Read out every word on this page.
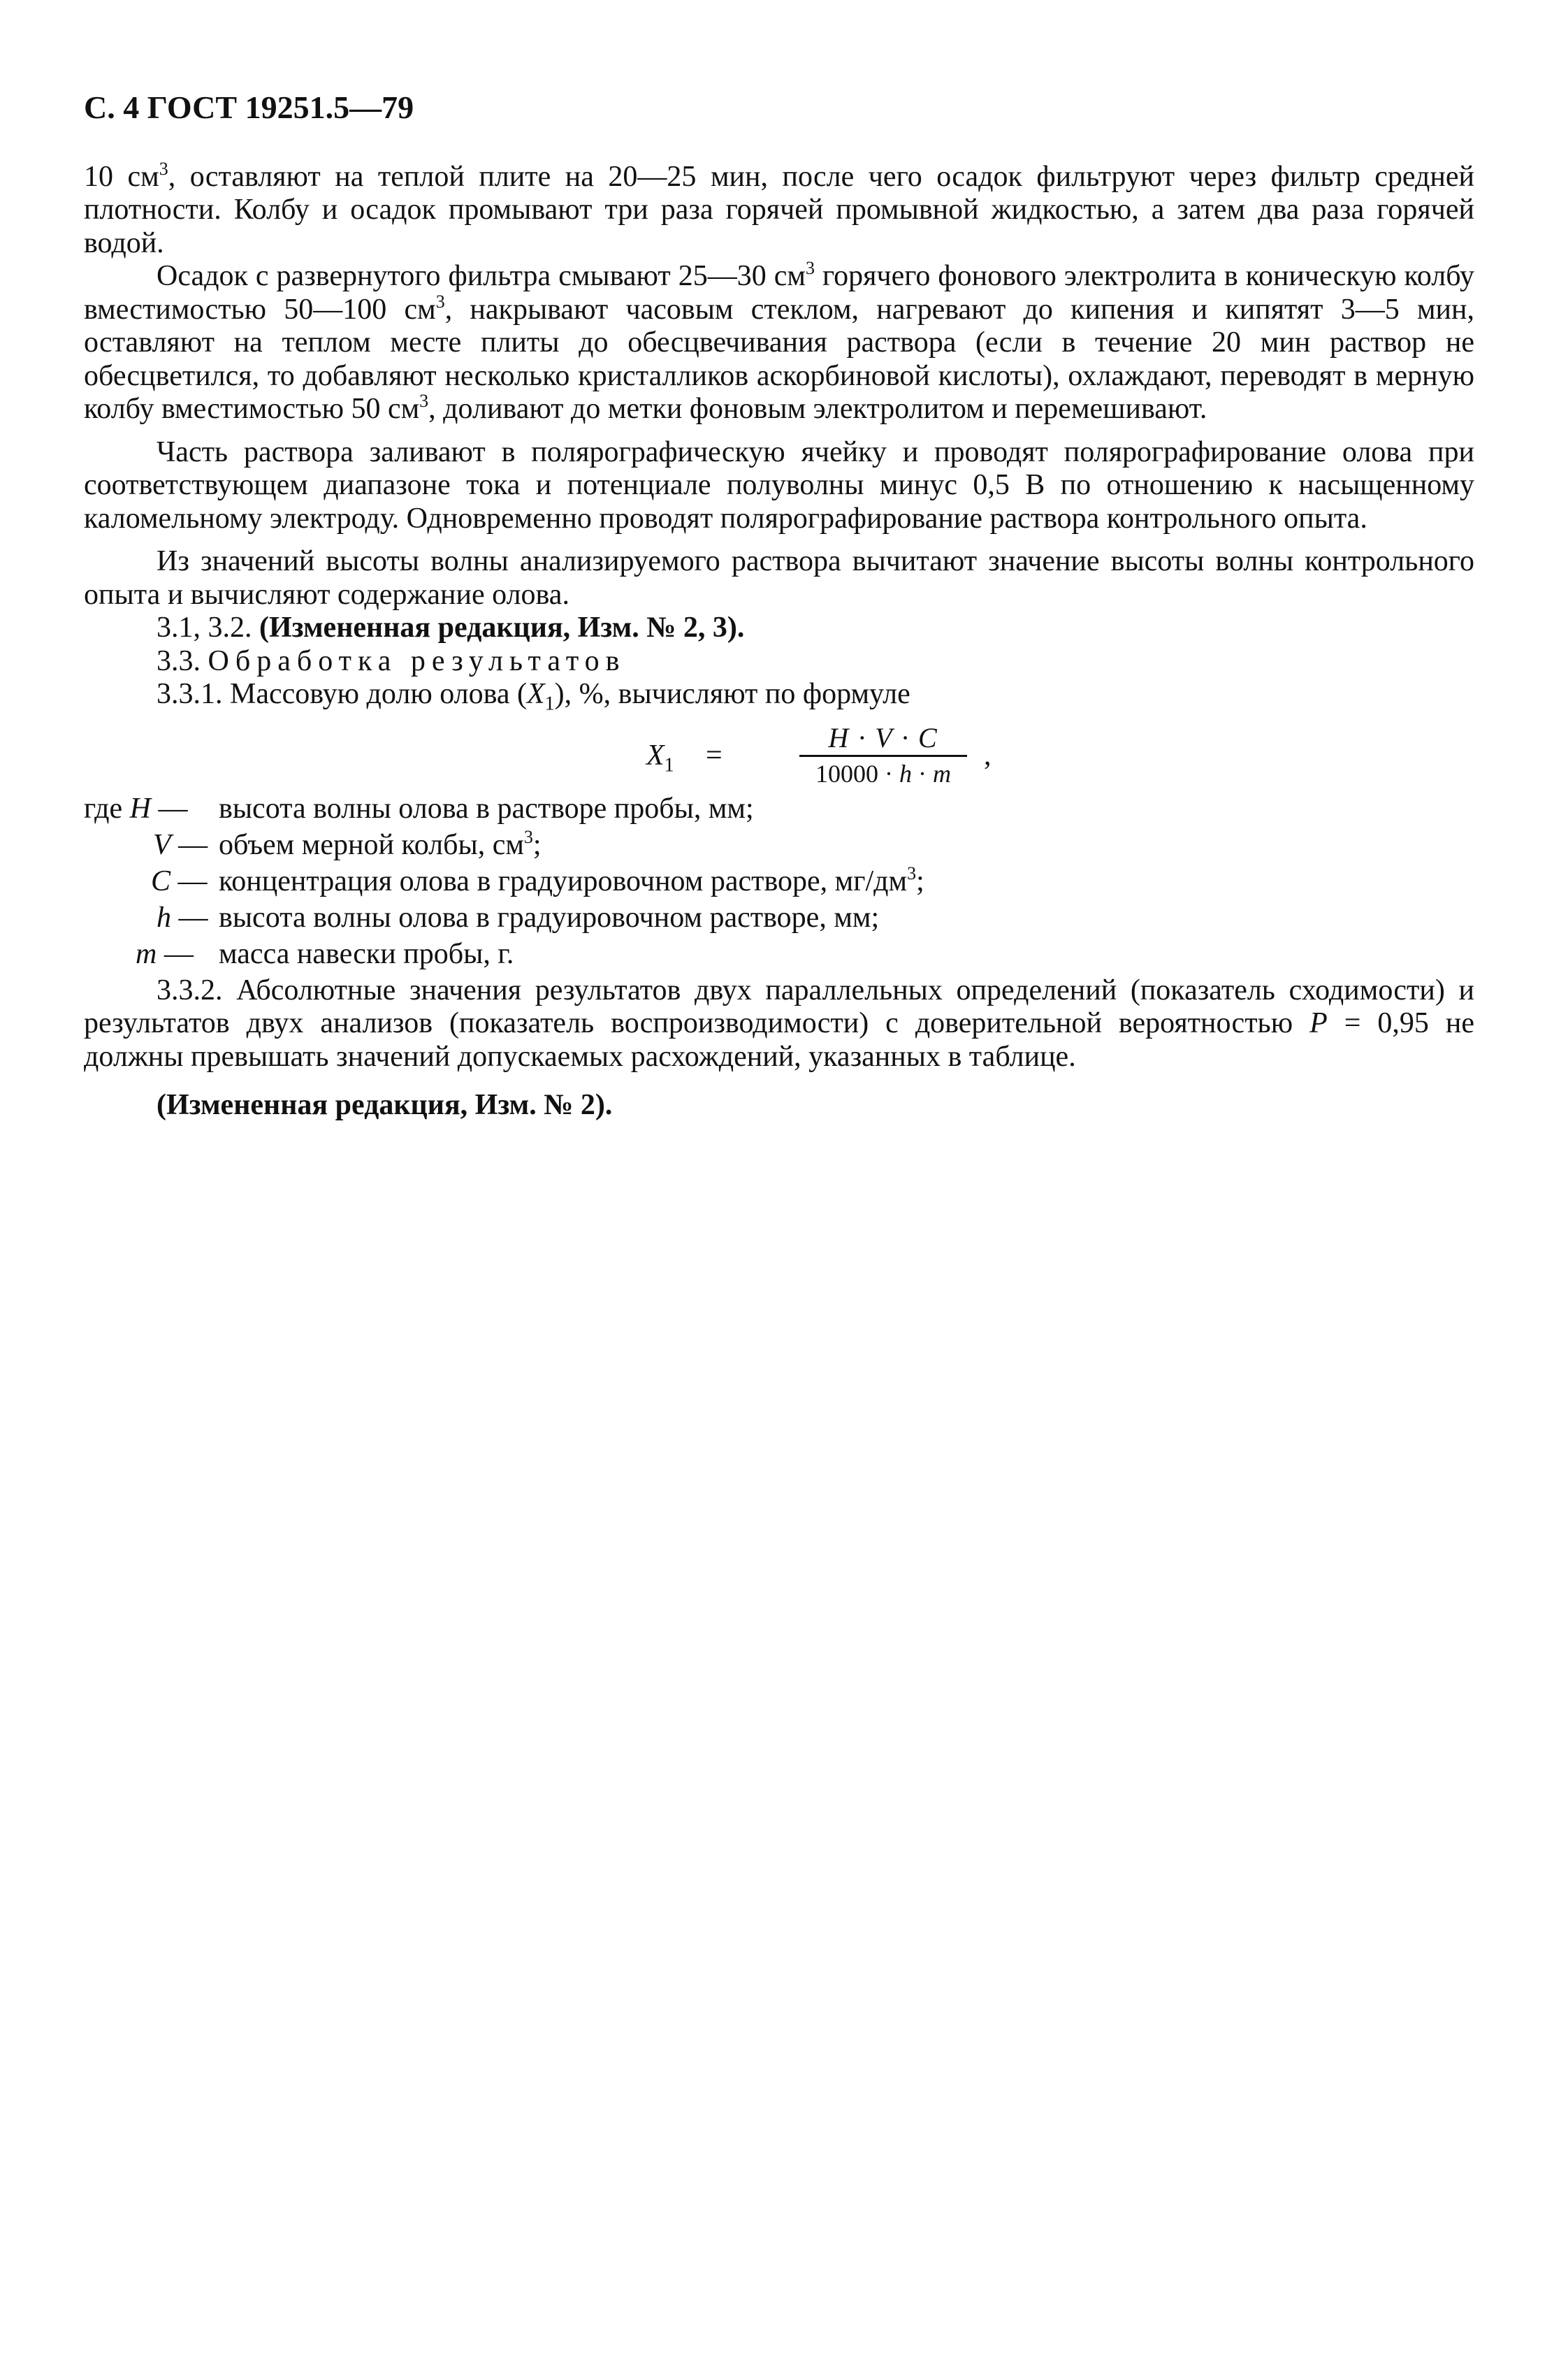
С. 4 ГОСТ 19251.5—79

10 $см^3$, оставляют на теплой плите на 20—25 мин, после чего осадок фильтруют через фильтр средней плотности. Колбу и осадок промывают три раза горячей промывной жидкостью, а затем два раза горячей водой.

Осадок с развернутого фильтра смывают 25—30 $см^3$ горячего фонового электролита в коническую колбу вместимостью 50—100 $см^3$, накрывают часовым стеклом, нагревают до кипения и кипятят 3—5 мин, оставляют на теплом месте плиты до обесцвечивания раствора (если в течение 20 мин раствор не обесцветился, то добавляют несколько кристалликов аскорбиновой кислоты), охлаждают, переводят в мерную колбу вместимостью 50 $см^3$, доливают до метки фоновым электролитом и перемешивают.

Часть раствора заливают в полярографическую ячейку и проводят полярографирование олова при соответствующем диапазоне тока и потенциале полуволны минус 0,5 В по отношению к насыщенному каломельному электроду. Одновременно проводят полярографирование раствора контрольного опыта.

Из значений высоты волны анализируемого раствора вычитают значение высоты волны контрольного опыта и вычисляют содержание олова.

3.1, 3.2. (Измененная редакция, Изм. № 2, 3).

3.3. Обработка результатов

3.3.1. Массовую долю олова $(X_1)$, %, вычисляют по формуле

$X_1$ =
H · V · C
10000 · h · m
,
где H — высота волны олова в растворе пробы, мм;
V — объем мерной колбы, $см^3$;
C — концентрация олова в градуировочном растворе, $мг/дм^3$;
h — высота волны олова в градуировочном растворе, мм;
m — масса навески пробы, г.

3.3.2. Абсолютные значения результатов двух параллельных определений (показатель сходимости) и результатов двух анализов (показатель воспроизводимости) с доверительной вероятностью P = 0,95 не должны превышать значений допускаемых расхождений, указанных в таблице.

(Измененная редакция, Изм. № 2).
